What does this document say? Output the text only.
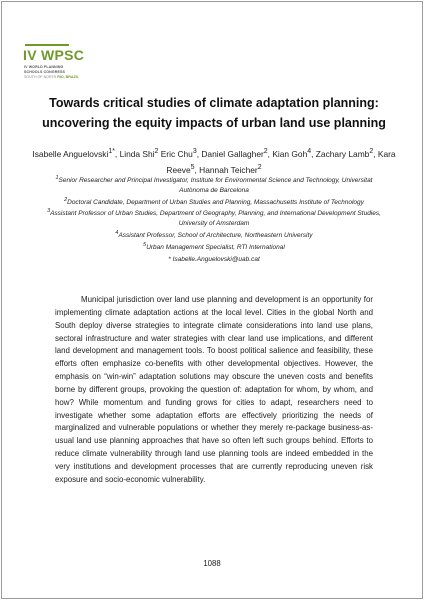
IV WPSC
IV WORLD PLANNING
SCHOOLS CONGRESS
SOUTH OF NORTH RIO, BRAZIL
Towards critical studies of climate adaptation planning:
uncovering the equity impacts of urban land use planning
Isabelle Anguelovski$^{1*}$, Linda Shi$^2$ Eric Chu$^3$, Daniel Gallagher$^2$, Kian Goh$^4$, Zachary Lamb$^2$, Kara Reeve$^5$, Hannah Teicher$^2$
$^1$Senior Researcher and Principal Investigator, Institute for Environmental Science and Technology, Universitat Autònoma de Barcelona
$^2$Doctoral Candidate, Department of Urban Studies and Planning, Massachusetts Institute of Technology
$^3$Assistant Professor of Urban Studies, Department of Geography, Planning, and International Development Studies, University of Amsterdam
$^4$Assistant Professor, School of Architecture, Northeastern University
$^5$Urban Management Specialist, RTI International
* Isabelle.Anguelovski@uab.cat

Municipal jurisdiction over land use planning and development is an opportunity for implementing climate adaptation actions at the local level. Cities in the global North and South deploy diverse strategies to integrate climate considerations into land use plans, sectoral infrastructure and water strategies with clear land use implications, and different land development and management tools. To boost political salience and feasibility, these efforts often emphasize co-benefits with other developmental objectives. However, the emphasis on “win-win” adaptation solutions may obscure the uneven costs and benefits borne by different groups, provoking the question of: adaptation for whom, by whom, and how? While momentum and funding grows for cities to adapt, researchers need to investigate whether some adaptation efforts are effectively prioritizing the needs of marginalized and vulnerable populations or whether they merely re-package business-as-usual land use planning approaches that have so often left such groups behind. Efforts to reduce climate vulnerability through land use planning tools are indeed embedded in the very institutions and development processes that are currently reproducing uneven risk exposure and socio-economic vulnerability.

1088
